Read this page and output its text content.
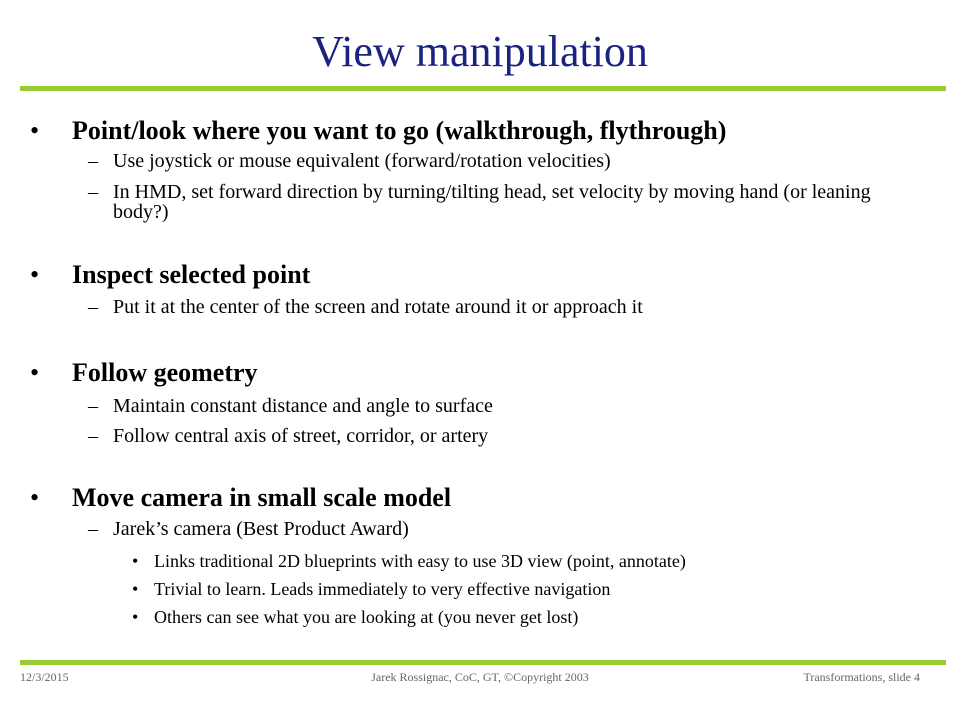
View manipulation
•	Point/look where you want to go (walkthrough, flythrough)
– Use joystick or mouse equivalent (forward/rotation velocities)
– In HMD, set forward direction by turning/tilting head, set velocity by moving hand (or leaning body?)
•	Inspect selected point
– Put it at the center of the screen and rotate around it or approach it
•	Follow geometry
– Maintain constant distance and angle to surface
– Follow central axis of street, corridor, or artery
•	Move camera in small scale model
– Jarek’s camera (Best Product Award)
• Links traditional 2D blueprints with easy to use 3D view (point, annotate)
• Trivial to learn. Leads immediately to very effective navigation
• Others can see what you are looking at (you never get lost)
12/3/2015	Jarek Rossignac, CoC, GT, ©Copyright 2003	Transformations, slide 4
